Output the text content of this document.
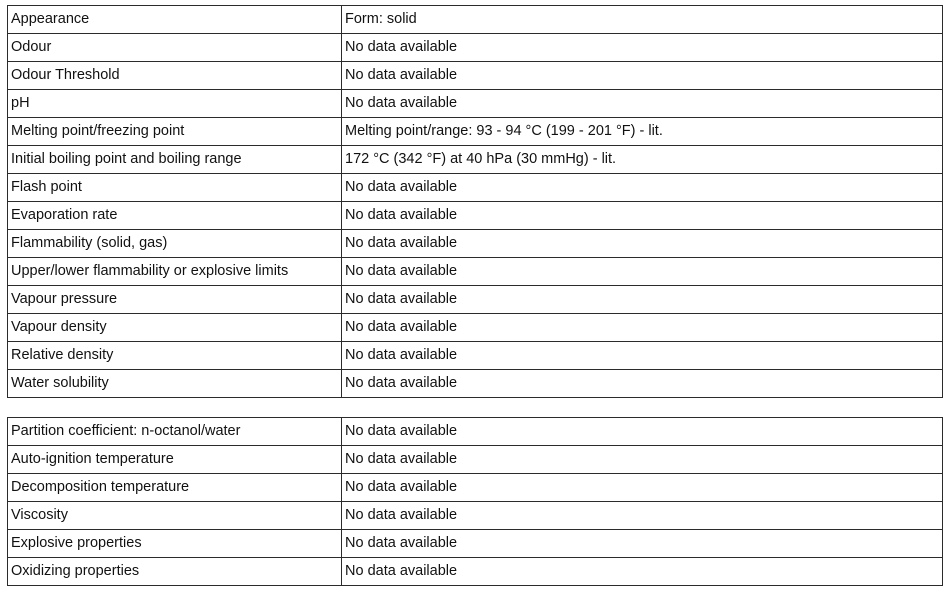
Appearance	Form: solid
Odour	No data available
Odour Threshold	No data available
pH	No data available
Melting point/freezing point	Melting point/range: 93 - 94 °C (199 - 201 °F) - lit.
Initial boiling point and boiling range	172 °C (342 °F) at 40 hPa (30 mmHg) - lit.
Flash point	No data available
Evaporation rate	No data available
Flammability (solid, gas)	No data available
Upper/lower flammability or explosive limits	No data available
Vapour pressure	No data available
Vapour density	No data available
Relative density	No data available
Water solubility	No data available
Partition coefficient: n-octanol/water	No data available
Auto-ignition temperature	No data available
Decomposition temperature	No data available
Viscosity	No data available
Explosive properties	No data available
Oxidizing properties	No data available
